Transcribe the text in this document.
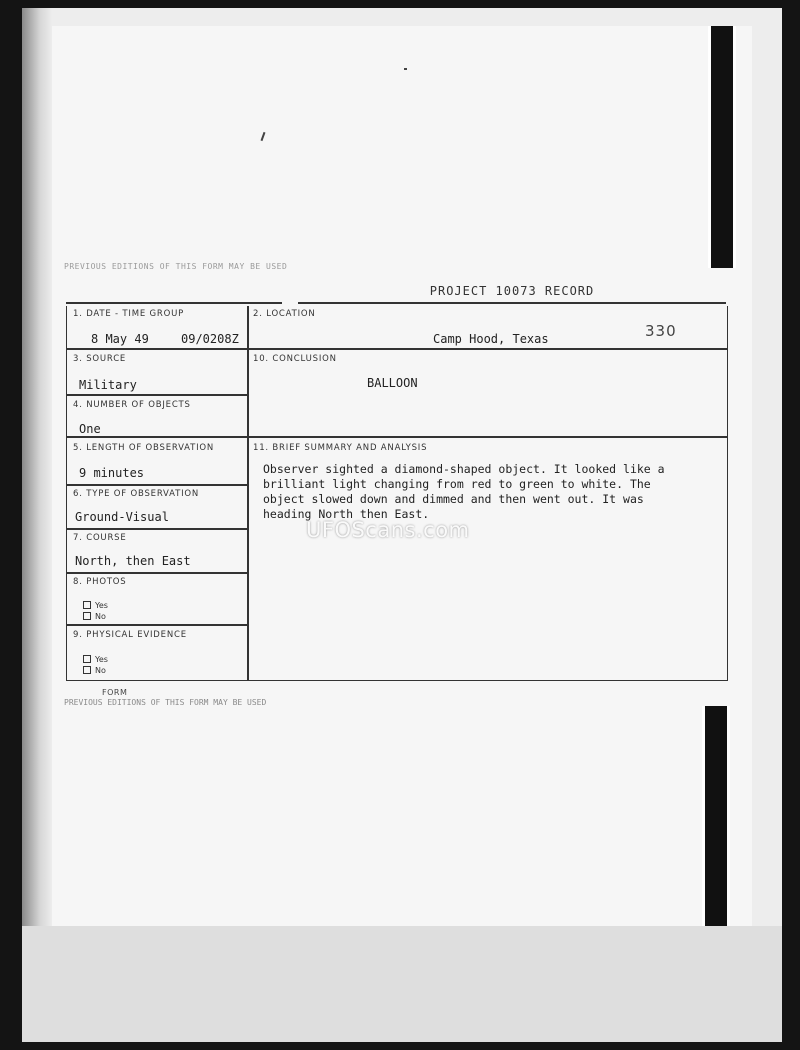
PREVIOUS EDITIONS OF THIS FORM MAY BE USED
PROJECT 10073 RECORD
1. DATE - TIME GROUP
8 May 49	09/0208Z
2. LOCATION
Camp Hood, Texas	330
3. SOURCE
Military
10. CONCLUSION
BALLOON
4. NUMBER OF OBJECTS
One
5. LENGTH OF OBSERVATION
9 minutes
11. BRIEF SUMMARY AND ANALYSIS
Observer sighted a diamond-shaped object. It looked like a
brilliant light changing from red to green to white. The
object slowed down and dimmed and then went out. It was
heading North then East.
6. TYPE OF OBSERVATION
Ground-Visual
7. COURSE
North, then East
8. PHOTOS
Yes
No
9. PHYSICAL EVIDENCE
Yes
No
UFOScans.com
FORM
PREVIOUS EDITIONS OF THIS FORM MAY BE USED
